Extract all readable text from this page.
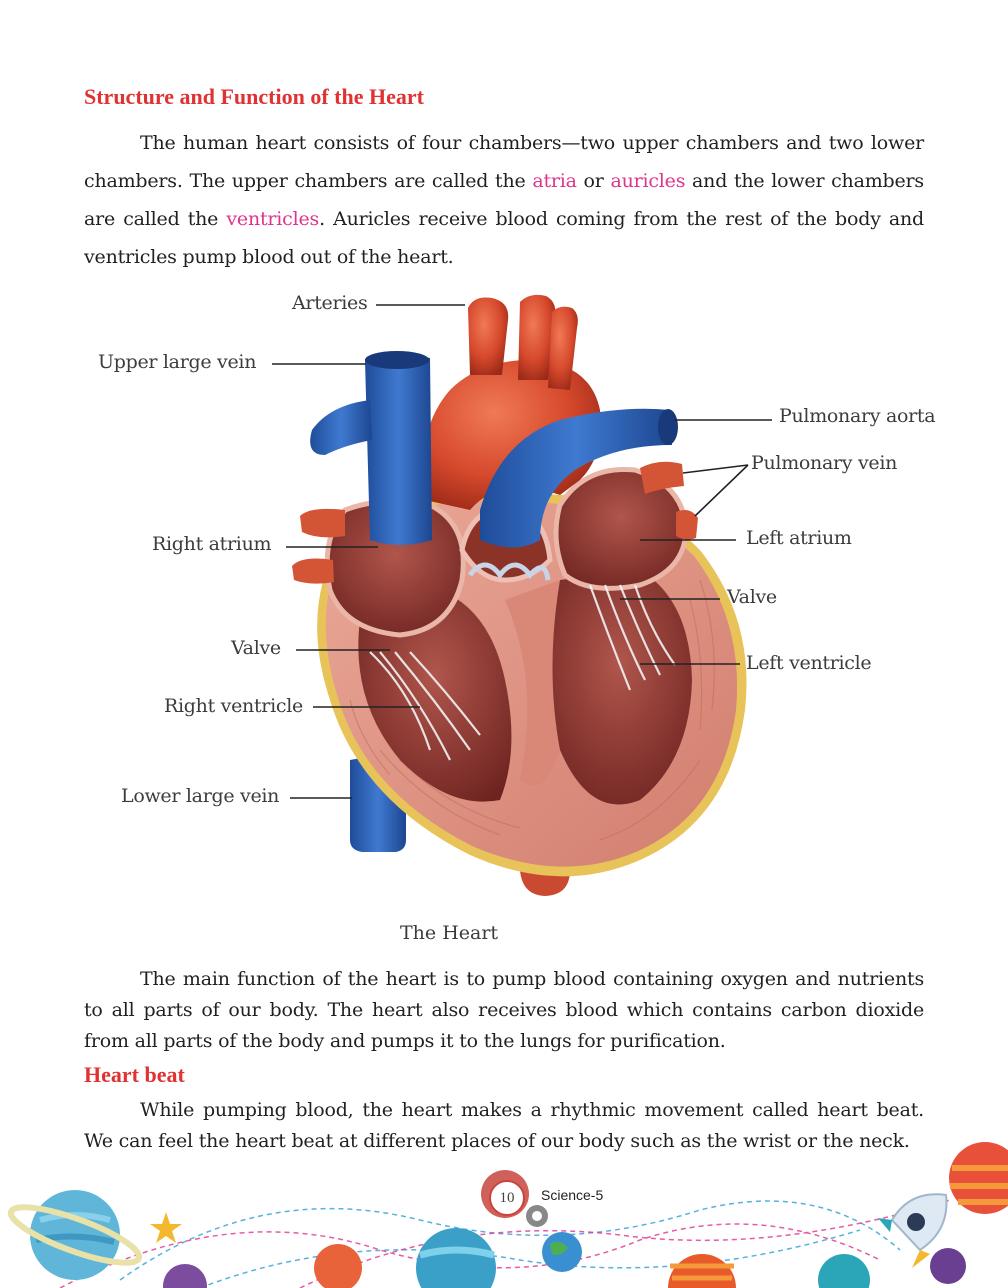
Structure and Function of the Heart

The human heart consists of four chambers—two upper chambers and two lower chambers. The upper chambers are called the atria or auricles and the lower chambers are called the ventricles. Auricles receive blood coming from the rest of the body and ventricles pump blood out of the heart.

Arteries
Upper large vein
Pulmonary aorta
Pulmonary vein
Right atrium	Left atrium
Valve
Valve
Left ventricle
Right ventricle
Lower large vein
The Heart

The main function of the heart is to pump blood containing oxygen and nutrients to all parts of our body. The heart also receives blood which contains carbon dioxide from all parts of the body and pumps it to the lungs for purification.

Heart beat

While pumping blood, the heart makes a rhythmic movement called heart beat. We can feel the heart beat at different places of our body such as the wrist or the neck.

10	Science-5
